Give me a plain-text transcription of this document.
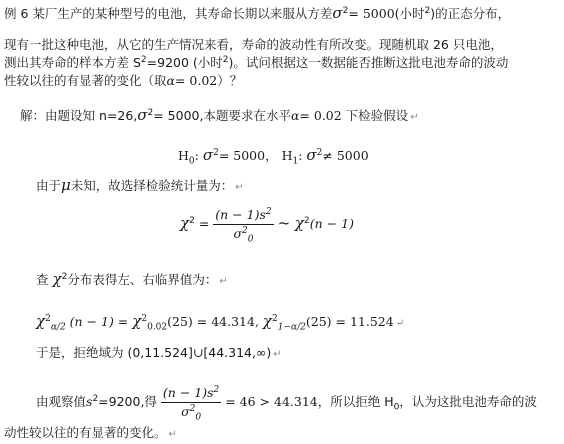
例 6 某厂生产的某种型号的电池，其寿命长期以来服从方差$\sigma^2= 5000$(小时$^2$)的正态分布，
现有一批这种电池，从它的生产情况来看，寿命的波动性有所改变。现随机取 26 只电池，
测出其寿命的样本方差 $S^2=9200$ (小时$^2$)。试问根据这一数据能否推断这批电池寿命的波动
性较以往的有显著的变化（取α= 0.02）？
解：由题设知 $n=26,\sigma^2= 5000$,本题要求在水平α= 0.02 下检验假设 ↵
$H_0$: $\sigma^2= 5000$， $H_1$: $\sigma^2\ne 5000$
由于μ未知，故选择检验统计量为： ↵
$\chi^2 = \frac{(n - 1)s^2}{\sigma^2_0}$ ~ $\chi^2(n - 1)$
查 $\chi^2$分布表得左、右临界值为： ↵
$\chi^2_{\alpha/2}$ $(n - 1) = \chi^2_{0.02}(25) = 44.314$, $\chi^2_{1-\alpha/2}(25) = 11.524$ ↵
于是，拒绝域为 (0,11.524]∪[44.314,∞) ↵
由观察值$s^2=9200$,得 $\frac{(n - 1)s^2}{\sigma^2_0} = 46 > 44.314$，所以拒绝 $H_0$，认为这批电池寿命的波
动性较以往的有显著的变化。 ↵
